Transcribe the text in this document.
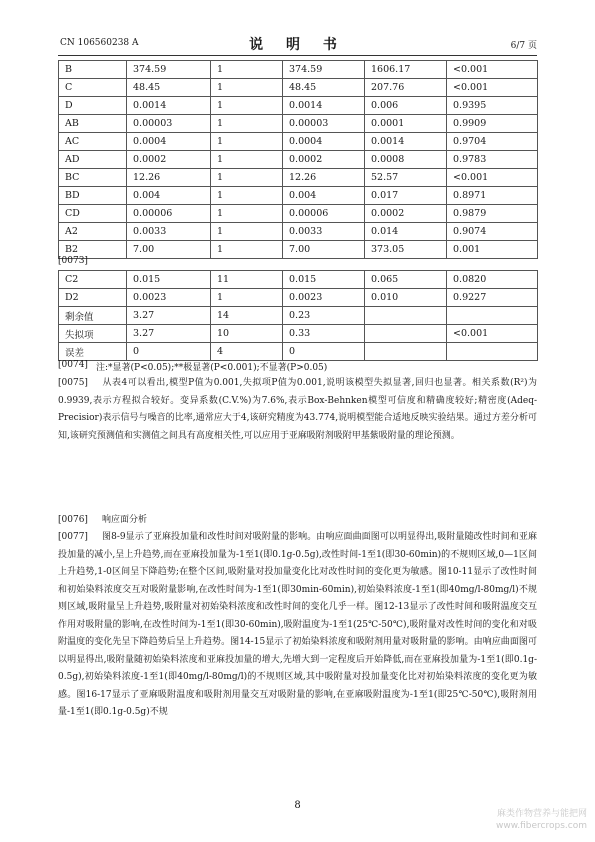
CN 106560238 A	说 明 书	6/7 页
B	374.59	1	374.59	1606.17	<0.001
C	48.45	1	48.45	207.76	<0.001
D	0.0014	1	0.0014	0.006	0.9395
AB	0.00003	1	0.00003	0.0001	0.9909
AC	0.0004	1	0.0004	0.0014	0.9704
AD	0.0002	1	0.0002	0.0008	0.9783
BC	12.26	1	12.26	52.57	<0.001
BD	0.004	1	0.004	0.017	0.8971
CD	0.00006	1	0.00006	0.0002	0.9879
A2	0.0033	1	0.0033	0.014	0.9074
B2	7.00	1	7.00	373.05	0.001
[0073]
C2	0.015	11	0.015	0.065	0.0820
D2	0.0023	1	0.0023	0.010	0.9227
剩余值	3.27	14	0.23		
失拟项	3.27	10	0.33		<0.001
误差	0	4	0		
[0074] 注:*显著(P<0.05);**极显著(P<0.001);不显著(P>0.05)
[0075] 从表4可以看出,模型P值为0.001,失拟项P值为0.001,说明该模型失拟显著,回归也显著。相关系数(R²)为0.9939,表示方程拟合较好。变异系数(C.V.%)为7.6%,表示Box-Behnken模型可信度和精确度较好;精密度(Adeq-Precisior)表示信号与噪音的比率,通常应大于4,该研究精度为43.774,说明模型能合适地反映实验结果。通过方差分析可知,该研究预测值和实测值之间具有高度相关性,可以应用于亚麻吸附剂吸附甲基紫吸附量的理论预测。
[0076] 响应面分析
[0077] 图8-9显示了亚麻投加量和改性时间对吸附量的影响。由响应面曲面图可以明显得出,吸附量随改性时间和亚麻投加量的减小,呈上升趋势,而在亚麻投加量为-1至1(即0.1g-0.5g),改性时间-1至1(即30-60min)的不规则区域,0—1区间上升趋势,1-0区间呈下降趋势;在整个区间,吸附量对投加量变化比对改性时间的变化更为敏感。图10-11显示了改性时间和初始染料浓度交互对吸附量影响,在改性时间为-1至1(即30min-60min),初始染料浓度-1至1(即40mg/l-80mg/l)不规则区域,吸附量呈上升趋势,吸附量对初始染料浓度和改性时间的变化几乎一样。图12-13显示了改性时间和吸附温度交互作用对吸附量的影响,在改性时间为-1至1(即30-60min),吸附温度为-1至1(25℃-50℃),吸附量对改性时间的变化和对吸附温度的变化先呈下降趋势后呈上升趋势。图14-15显示了初始染料浓度和吸附剂用量对吸附量的影响。由响应曲面图可以明显得出,吸附量随初始染料浓度和亚麻投加量的增大,先增大到一定程度后开始降低,而在亚麻投加量为-1至1(即0.1g-0.5g),初始染料浓度-1至1(即40mg/l-80mg/l)的不规则区域,其中吸附量对投加量变化比对初始染料浓度的变化更为敏感。图16-17显示了亚麻吸附温度和吸附剂用量交互对吸附量的影响,在亚麻吸附温度为-1至1(即25℃-50℃),吸附剂用量-1至1(即0.1g-0.5g)不规
8
麻类作物营养与能把网
www.fibercrops.com
